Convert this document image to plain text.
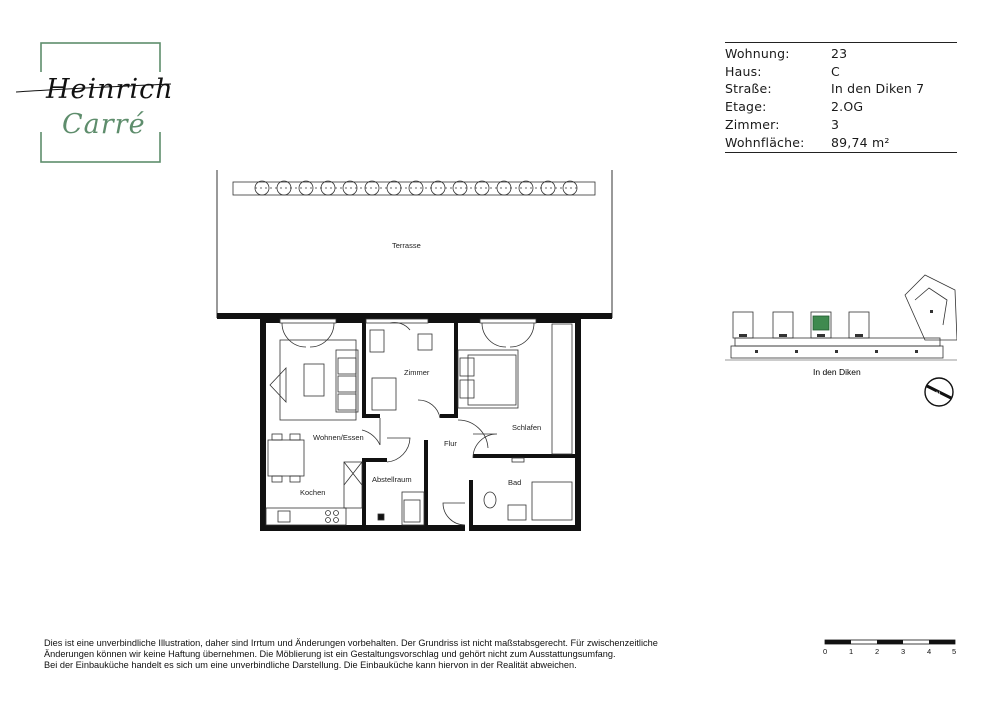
Heinrich
Carré
Wohnung:	23
Haus:	C
Straße:	In den Diken 7
Etage:	2.OG
Zimmer:	3
Wohnfläche:	89,74 m²
Terrasse
Wohnen/Essen
Zimmer
Schlafen
Flur
Abstellraum
Kochen
Bad
In den Diken
N
Dies ist eine unverbindliche Illustration, daher sind Irrtum und Änderungen vorbehalten. Der Grundriss ist nicht maßstabsgerecht. Für zwischenzeitliche
Änderungen können wir keine Haftung übernehmen. Die Möblierung ist ein Gestaltungsvorschlag und gehört nicht zum Ausstattungsumfang.
Bei der Einbauküche handelt es sich um eine unverbindliche Darstellung. Die Einbauküche kann hiervon in der Realität abweichen.
0	1	2	3	4	5
